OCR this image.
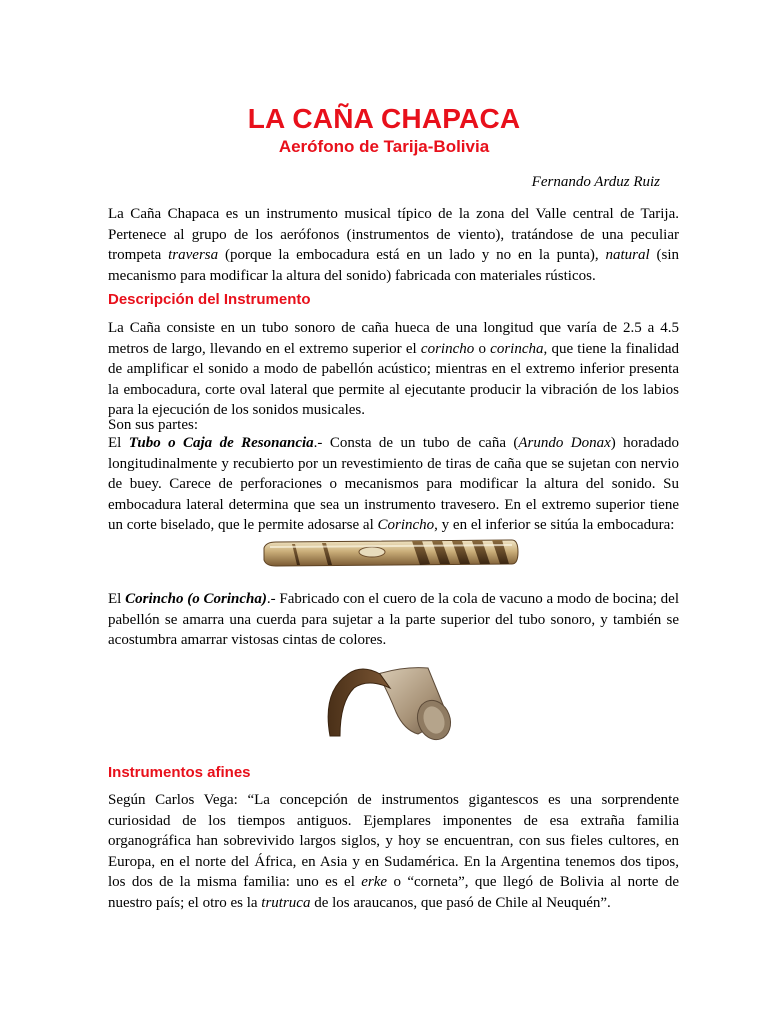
LA CAÑA CHAPACA
Aerófono de Tarija-Bolivia
Fernando Arduz Ruiz

La Caña Chapaca es un instrumento musical típico de la zona del Valle central de Tarija. Pertenece al grupo de los aerófonos (instrumentos de viento), tratándose de una peculiar trompeta traversa (porque la embocadura está en un lado y no en la punta), natural (sin mecanismo para modificar la altura del sonido) fabricada con materiales rústicos.

Descripción del Instrumento

La Caña consiste en un tubo sonoro de caña hueca de una longitud que varía de 2.5 a 4.5 metros de largo, llevando en el extremo superior el corincho o corincha, que tiene la finalidad de amplificar el sonido a modo de pabellón acústico; mientras en el extremo inferior presenta la embocadura, corte oval lateral que permite al ejecutante producir la vibración de los labios para la ejecución de los sonidos musicales.

Son sus partes:

El Tubo o Caja de Resonancia.- Consta de un tubo de caña (Arundo Donax) horadado longitudinalmente y recubierto por un revestimiento de tiras de caña que se sujetan con nervio de buey. Carece de perforaciones o mecanismos para modificar la altura del sonido. Su embocadura lateral determina que sea un instrumento travesero. En el extremo superior tiene un corte biselado, que le permite adosarse al Corincho, y en el inferior se sitúa la embocadura:

El Corincho (o Corincha).- Fabricado con el cuero de la cola de vacuno a modo de bocina; del pabellón se amarra una cuerda para sujetar a la parte superior del tubo sonoro, y también se acostumbra amarrar vistosas cintas de colores.

Instrumentos afines

Según Carlos Vega: “La concepción de instrumentos gigantescos es una sorprendente curiosidad de los tiempos antiguos. Ejemplares imponentes de esa extraña familia organográfica han sobrevivido largos siglos, y hoy se encuentran, con sus fieles cultores, en Europa, en el norte del África, en Asia y en Sudamérica. En la Argentina tenemos dos tipos, los dos de la misma familia: uno es el erke o “corneta”, que llegó de Bolivia al norte de nuestro país; el otro es la trutruca de los araucanos, que pasó de Chile al Neuquén”.
